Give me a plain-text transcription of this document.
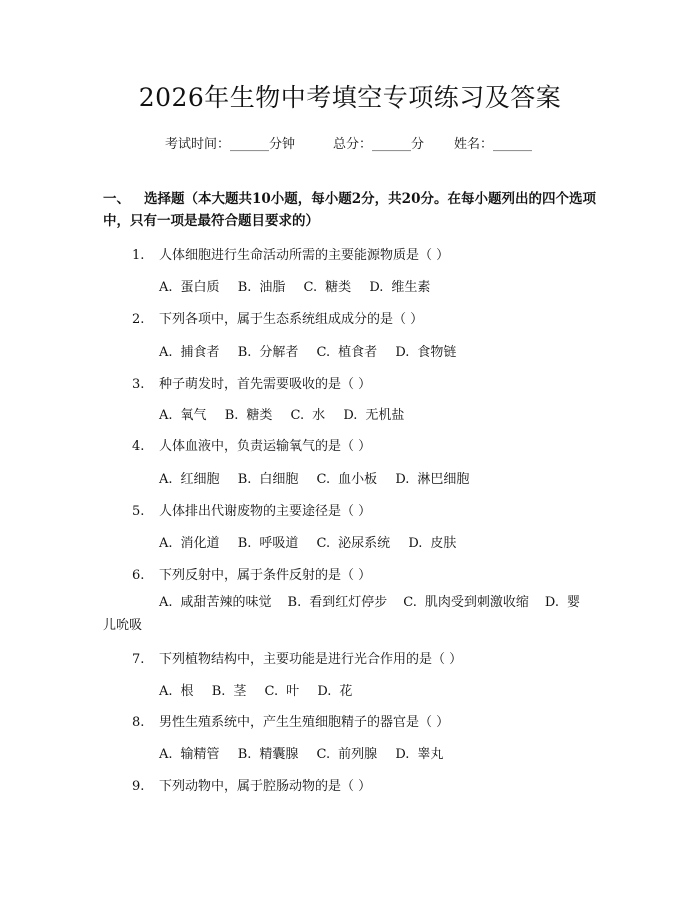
2026年生物中考填空专项练习及答案
考试时间：______分钟	总分：______分 姓名：______
一、 选择题（本大题共10小题，每小题2分，共20分。在每小题列出的四个选项中，只有一项是最符合题目要求的）
1. 人体细胞进行生命活动所需的主要能源物质是（ ）
A. 蛋白质 B. 油脂 C. 糖类 D. 维生素
2. 下列各项中，属于生态系统组成成分的是（ ）
A. 捕食者 B. 分解者 C. 植食者 D. 食物链
3. 种子萌发时，首先需要吸收的是（ ）
A. 氧气 B. 糖类 C. 水 D. 无机盐
4. 人体血液中，负责运输氧气的是（ ）
A. 红细胞 B. 白细胞 C. 血小板 D. 淋巴细胞
5. 人体排出代谢废物的主要途径是（ ）
A. 消化道 B. 呼吸道 C. 泌尿系统 D. 皮肤
6. 下列反射中，属于条件反射的是（ ）
A. 咸甜苦辣的味觉 B. 看到红灯停步 C. 肌肉受到刺激收缩 D. 婴儿吮吸
7. 下列植物结构中，主要功能是进行光合作用的是（ ）
A. 根 B. 茎 C. 叶 D. 花
8. 男性生殖系统中，产生生殖细胞精子的器官是（ ）
A. 输精管 B. 精囊腺 C. 前列腺 D. 睾丸
9. 下列动物中，属于腔肠动物的是（ ）
